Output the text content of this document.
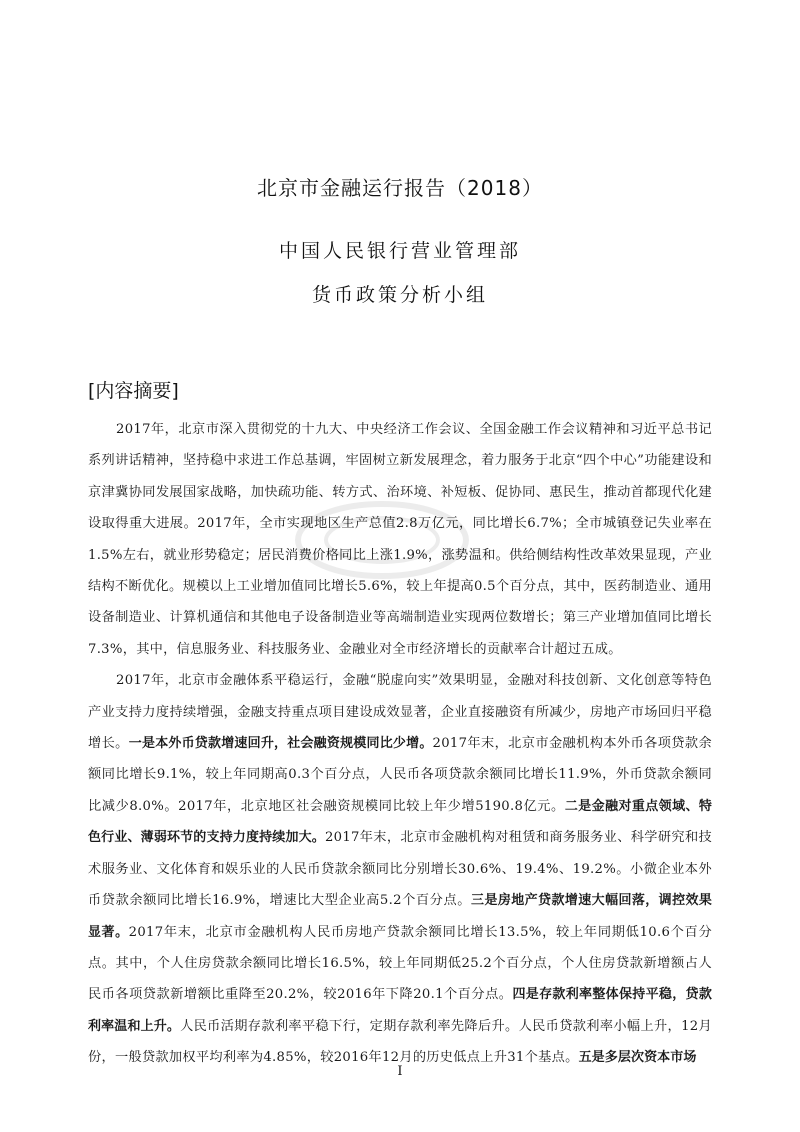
北京市金融运行报告（2018）
中国人民银行营业管理部
货币政策分析小组
[内容摘要]

2017年，北京市深入贯彻党的十九大、中央经济工作会议、全国金融工作会议精神和习近平总书记系列讲话精神，坚持稳中求进工作总基调，牢固树立新发展理念，着力服务于北京“四个中心”功能建设和京津冀协同发展国家战略，加快疏功能、转方式、治环境、补短板、促协同、惠民生，推动首都现代化建设取得重大进展。2017年，全市实现地区生产总值2.8万亿元，同比增长6.7%；全市城镇登记失业率在1.5%左右，就业形势稳定；居民消费价格同比上涨1.9%，涨势温和。供给侧结构性改革效果显现，产业结构不断优化。规模以上工业增加值同比增长5.6%，较上年提高0.5个百分点，其中，医药制造业、通用设备制造业、计算机通信和其他电子设备制造业等高端制造业实现两位数增长；第三产业增加值同比增长7.3%，其中，信息服务业、科技服务业、金融业对全市经济增长的贡献率合计超过五成。

2017年，北京市金融体系平稳运行，金融“脱虚向实”效果明显，金融对科技创新、文化创意等特色产业支持力度持续增强，金融支持重点项目建设成效显著，企业直接融资有所减少，房地产市场回归平稳增长。一是本外币贷款增速回升，社会融资规模同比少增。2017年末，北京市金融机构本外币各项贷款余额同比增长9.1%，较上年同期高0.3个百分点，人民币各项贷款余额同比增长11.9%，外币贷款余额同比减少8.0%。2017年，北京地区社会融资规模同比较上年少增5190.8亿元。二是金融对重点领域、特色行业、薄弱环节的支持力度持续加大。2017年末，北京市金融机构对租赁和商务服务业、科学研究和技术服务业、文化体育和娱乐业的人民币贷款余额同比分别增长30.6%、19.4%、19.2%。小微企业本外币贷款余额同比增长16.9%，增速比大型企业高5.2个百分点。三是房地产贷款增速大幅回落，调控效果显著。2017年末，北京市金融机构人民币房地产贷款余额同比增长13.5%，较上年同期低10.6个百分点。其中，个人住房贷款余额同比增长16.5%，较上年同期低25.2个百分点，个人住房贷款新增额占人民币各项贷款新增额比重降至20.2%，较2016年下降20.1个百分点。四是存款利率整体保持平稳，贷款利率温和上升。人民币活期存款利率平稳下行，定期存款利率先降后升。人民币贷款利率小幅上升，12月份，一般贷款加权平均利率为4.85%，较2016年12月的历史低点上升31个基点。五是多层次资本市场

I
